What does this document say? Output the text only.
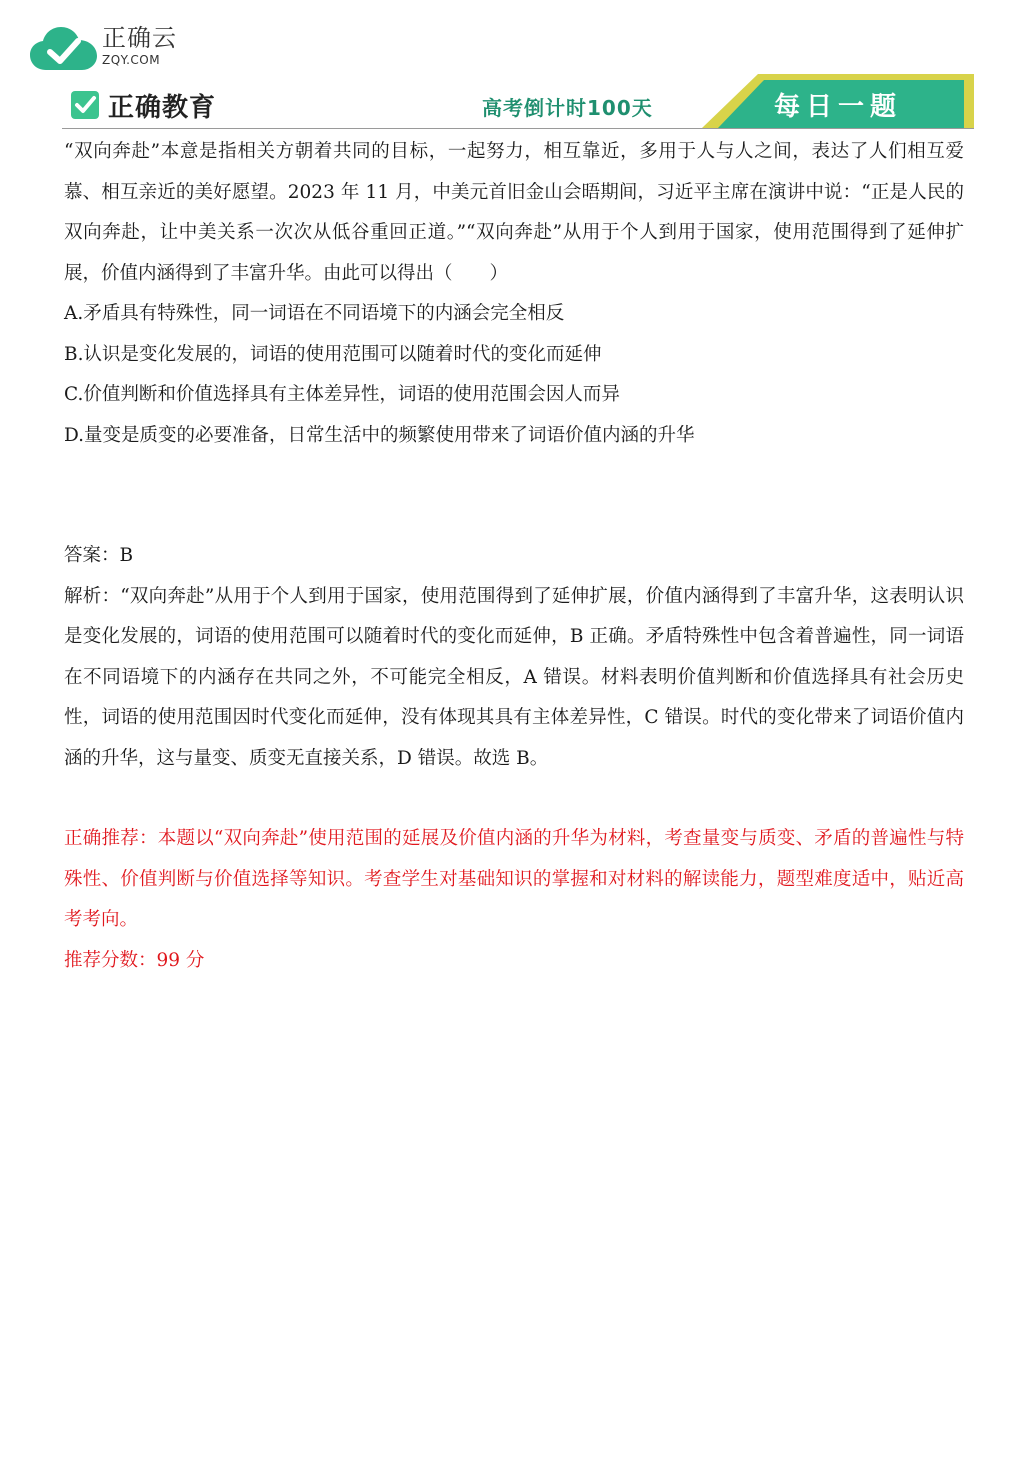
正确云
ZQY.COM
正确教育	高考倒计时100天	每日一题

“双向奔赴”本意是指相关方朝着共同的目标，一起努力，相互靠近，多用于人与人之间，表达了人们相互爱慕、相互亲近的美好愿望。2023 年 11 月，中美元首旧金山会晤期间，习近平主席在演讲中说：“正是人民的双向奔赴，让中美关系一次次从低谷重回正道。”“双向奔赴”从用于个人到用于国家，使用范围得到了延伸扩展，价值内涵得到了丰富升华。由此可以得出（　　）

A.矛盾具有特殊性，同一词语在不同语境下的内涵会完全相反

B.认识是变化发展的，词语的使用范围可以随着时代的变化而延伸

C.价值判断和价值选择具有主体差异性，词语的使用范围会因人而异

D.量变是质变的必要准备，日常生活中的频繁使用带来了词语价值内涵的升华

答案：B

解析：“双向奔赴”从用于个人到用于国家，使用范围得到了延伸扩展，价值内涵得到了丰富升华，这表明认识是变化发展的，词语的使用范围可以随着时代的变化而延伸，B 正确。矛盾特殊性中包含着普遍性，同一词语在不同语境下的内涵存在共同之外，不可能完全相反，A 错误。材料表明价值判断和价值选择具有社会历史性，词语的使用范围因时代变化而延伸，没有体现其具有主体差异性，C 错误。时代的变化带来了词语价值内涵的升华，这与量变、质变无直接关系，D 错误。故选 B。

正确推荐：本题以“双向奔赴”使用范围的延展及价值内涵的升华为材料，考查量变与质变、矛盾的普遍性与特殊性、价值判断与价值选择等知识。考查学生对基础知识的掌握和对材料的解读能力，题型难度适中，贴近高考考向。

推荐分数：99 分
